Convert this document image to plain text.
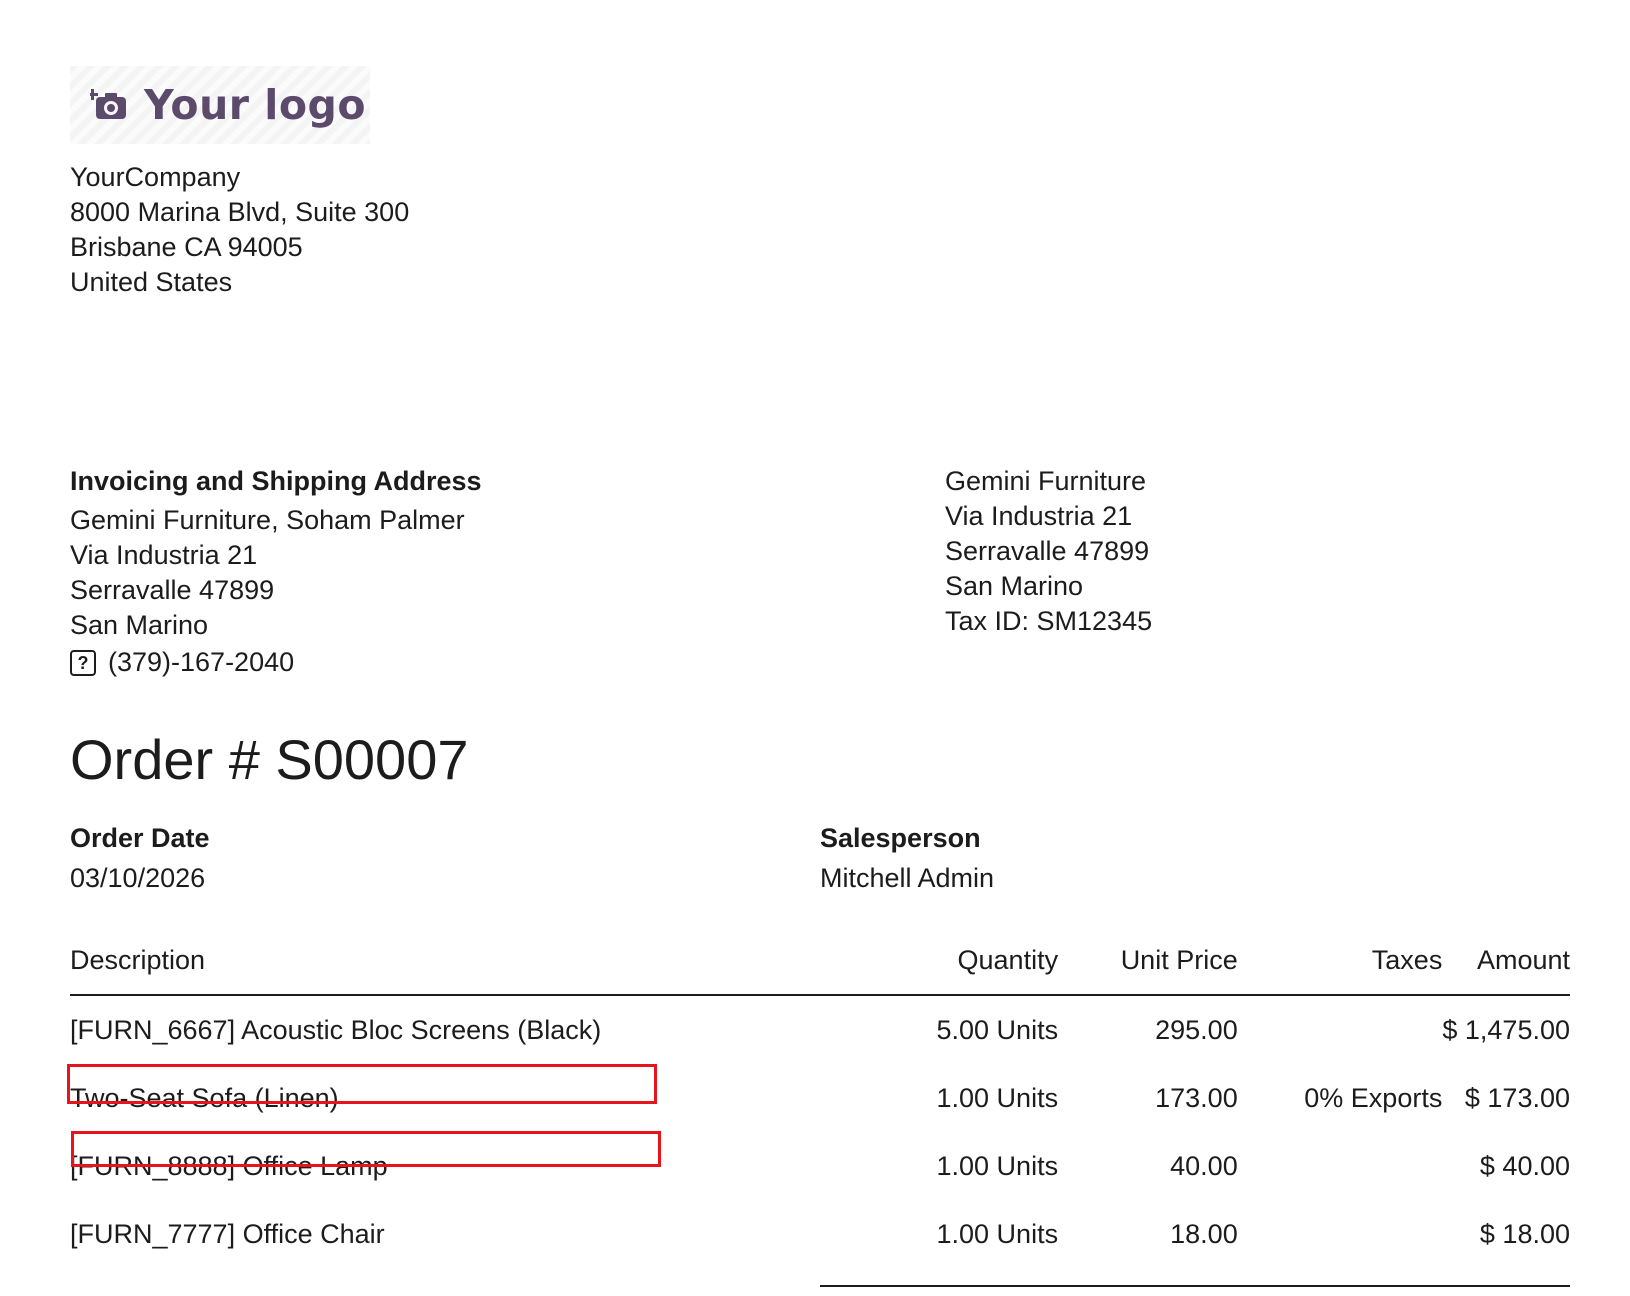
Your logo
YourCompany
8000 Marina Blvd, Suite 300
Brisbane CA 94005
United States
Invoicing and Shipping Address
Gemini Furniture, Soham Palmer
Via Industria 21
Serravalle 47899
San Marino
? (379)-167-2040
Gemini Furniture
Via Industria 21
Serravalle 47899
San Marino
Tax ID: SM12345
Order # S00007
Order Date
03/10/2026
Salesperson
Mitchell Admin
Description	Quantity	Unit Price	Taxes	Amount
[FURN_6667] Acoustic Bloc Screens (Black)	5.00 Units	295.00		$ 1,475.00
Two-Seat Sofa (Linen)	1.00 Units	173.00	0% Exports	$ 173.00
[FURN_8888] Office Lamp	1.00 Units	40.00		$ 40.00
[FURN_7777] Office Chair	1.00 Units	18.00		$ 18.00
